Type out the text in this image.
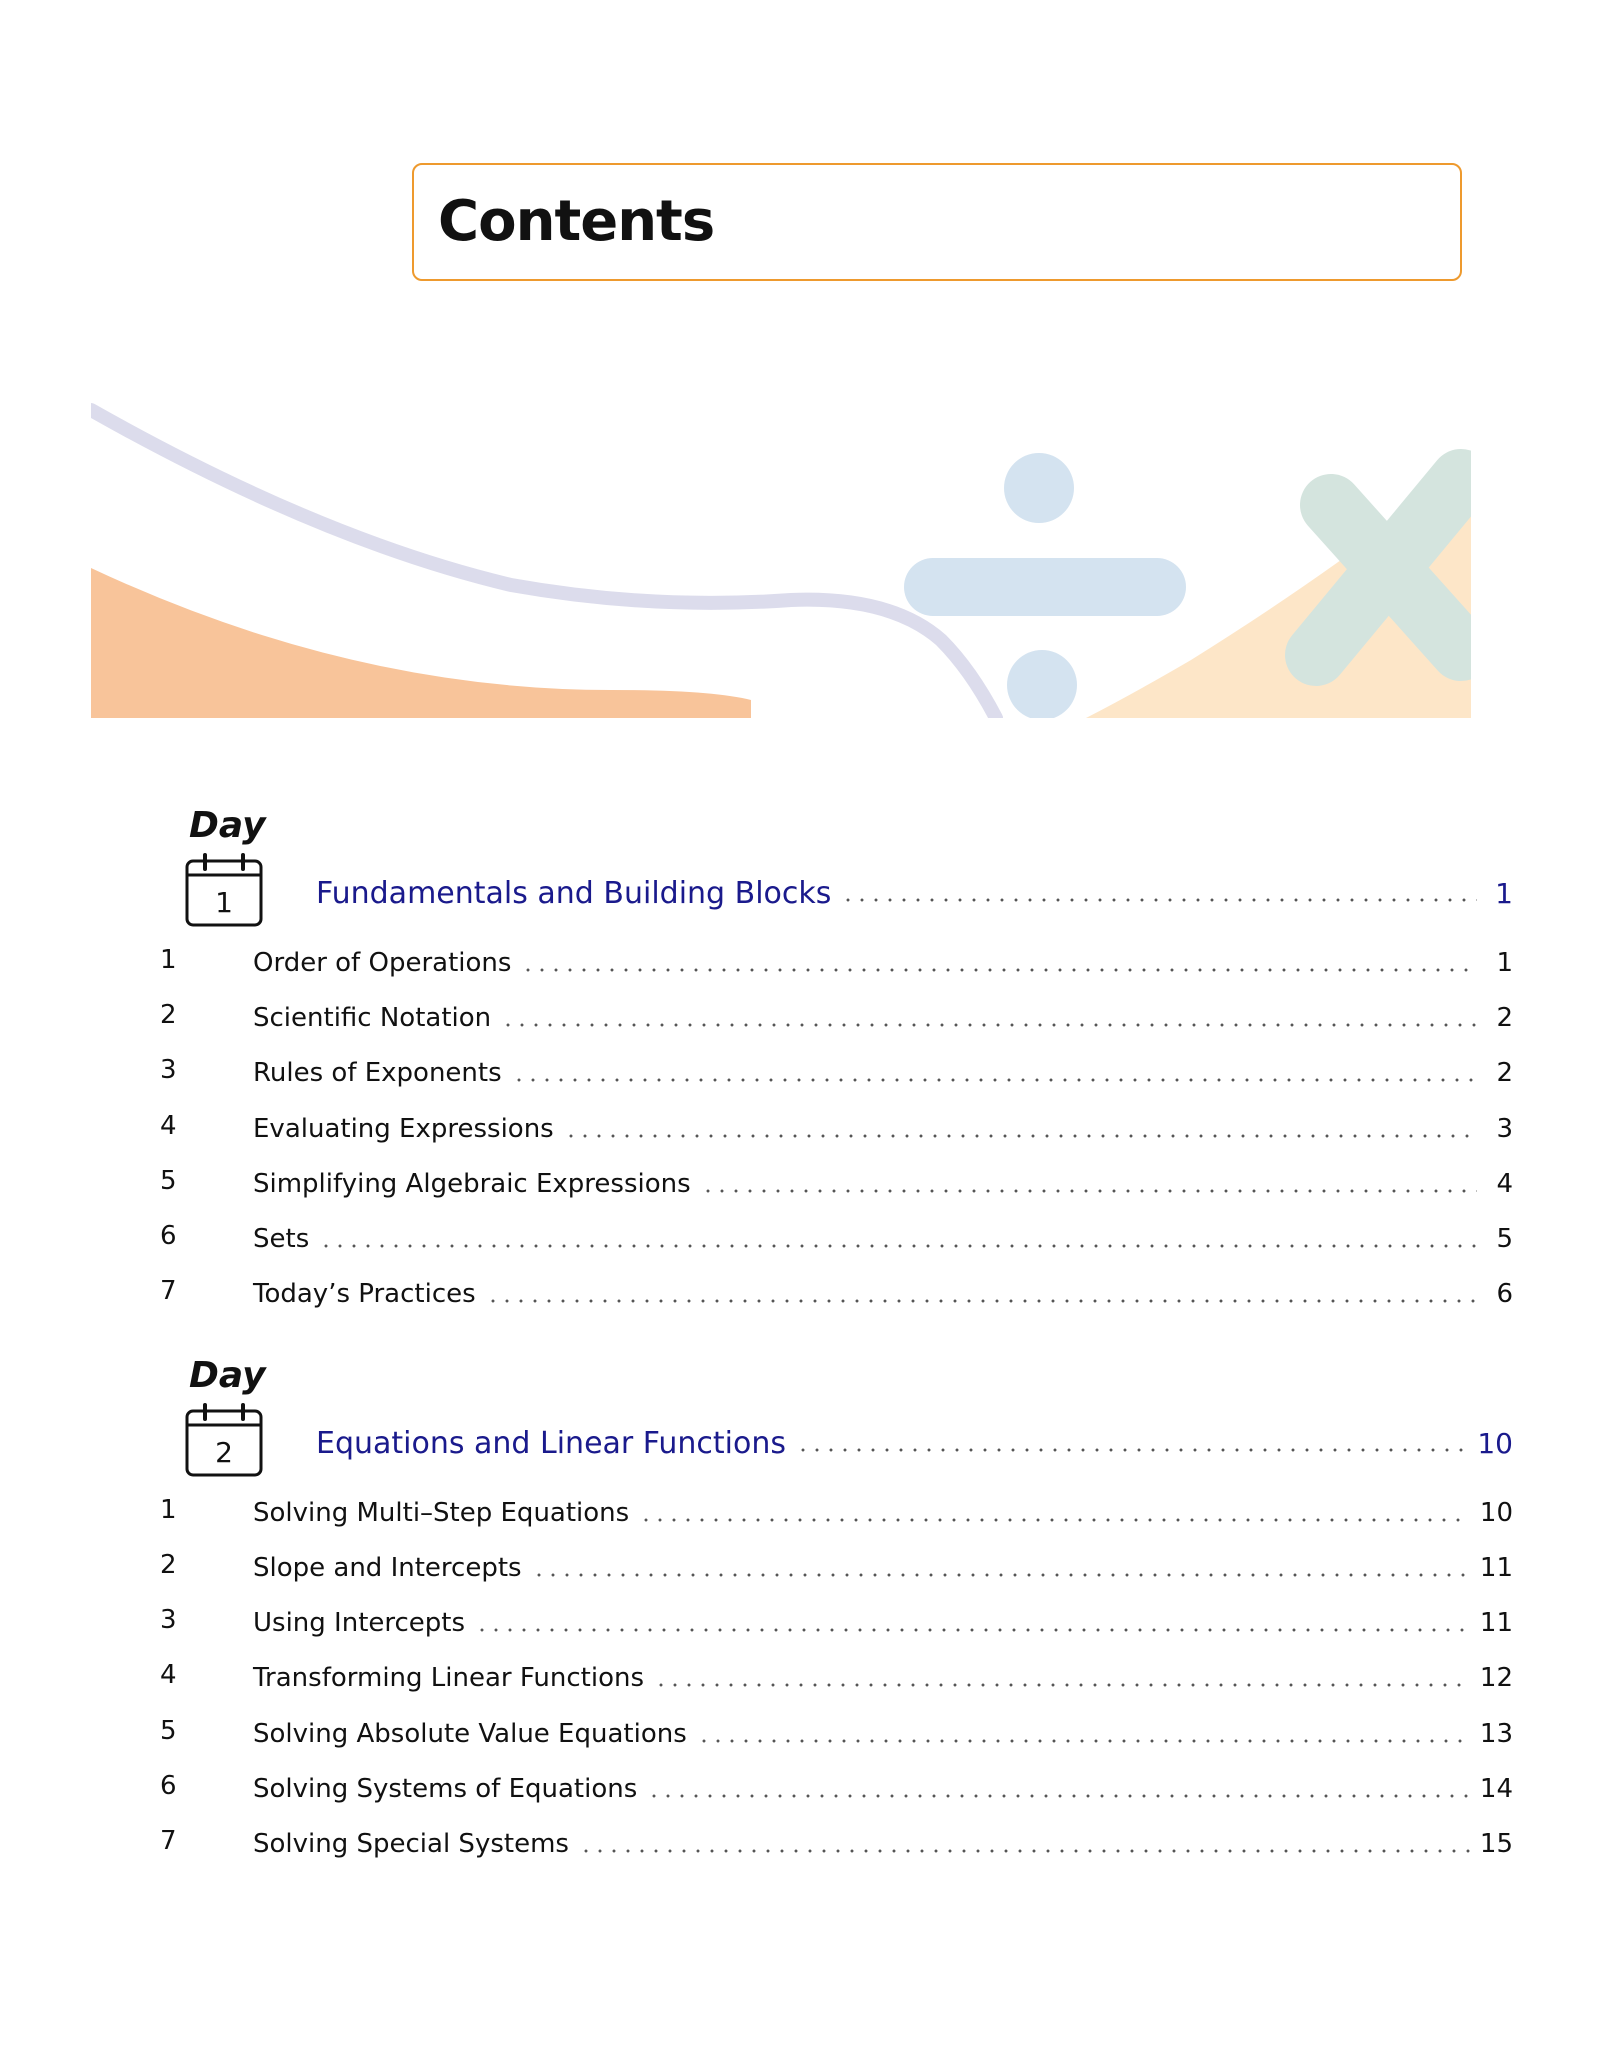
Contents
Day
1	Fundamentals and Building Blocks	1
1	Order of Operations	1
2	Scientific Notation	2
3	Rules of Exponents	2
4	Evaluating Expressions	3
5	Simplifying Algebraic Expressions	4
6	Sets	5
7	Today’s Practices	6
Day
2	Equations and Linear Functions	10
1	Solving Multi–Step Equations	10
2	Slope and Intercepts	11
3	Using Intercepts	11
4	Transforming Linear Functions	12
5	Solving Absolute Value Equations	13
6	Solving Systems of Equations	14
7	Solving Special Systems	15
